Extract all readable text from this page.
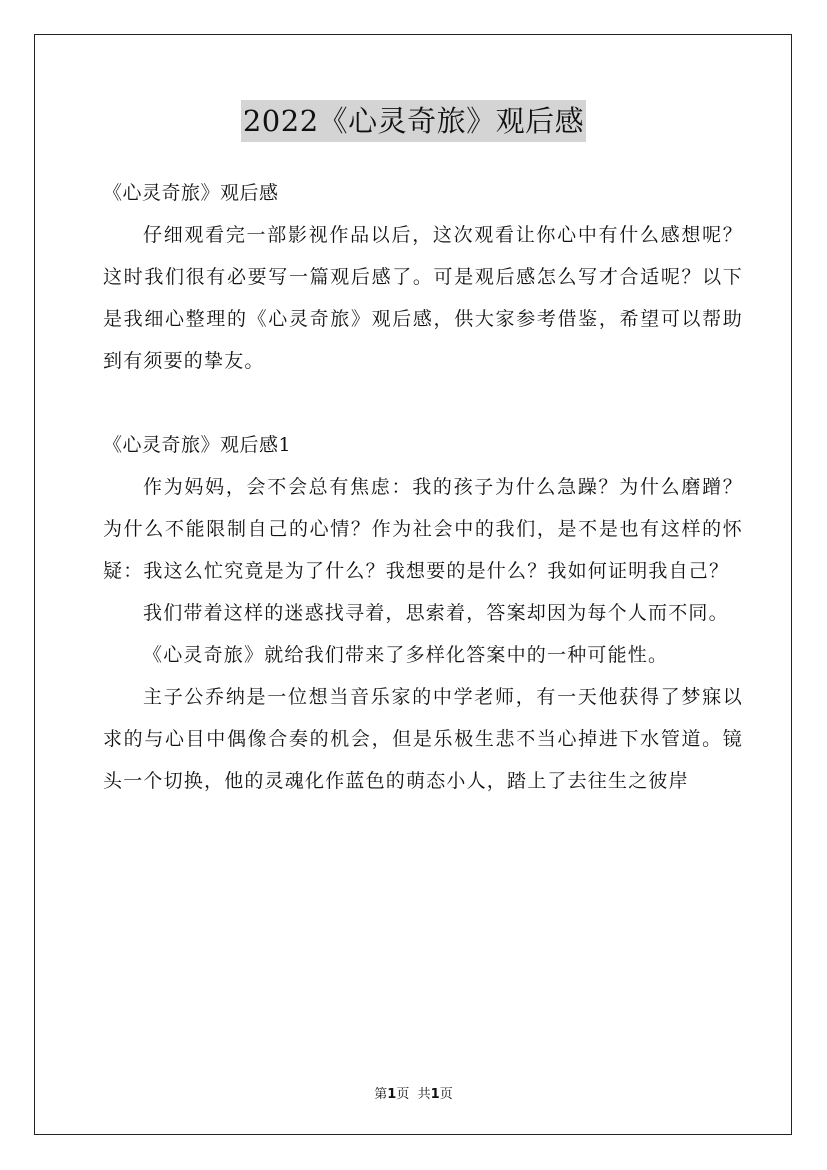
2022《心灵奇旅》观后感

《心灵奇旅》观后感

仔细观看完一部影视作品以后，这次观看让你心中有什么感想呢？这时我们很有必要写一篇观后感了。可是观后感怎么写才合适呢？以下是我细心整理的《心灵奇旅》观后感，供大家参考借鉴，希望可以帮助到有须要的挚友。

《心灵奇旅》观后感1

作为妈妈，会不会总有焦虑：我的孩子为什么急躁？为什么磨蹭？为什么不能限制自己的心情？作为社会中的我们，是不是也有这样的怀疑：我这么忙究竟是为了什么？我想要的是什么？我如何证明我自己？

我们带着这样的迷惑找寻着，思索着，答案却因为每个人而不同。

《心灵奇旅》就给我们带来了多样化答案中的一种可能性。

主子公乔纳是一位想当音乐家的中学老师，有一天他获得了梦寐以求的与心目中偶像合奏的机会，但是乐极生悲不当心掉进下水管道。镜头一个切换，他的灵魂化作蓝色的萌态小人，踏上了去往生之彼岸

第1页 共1页
